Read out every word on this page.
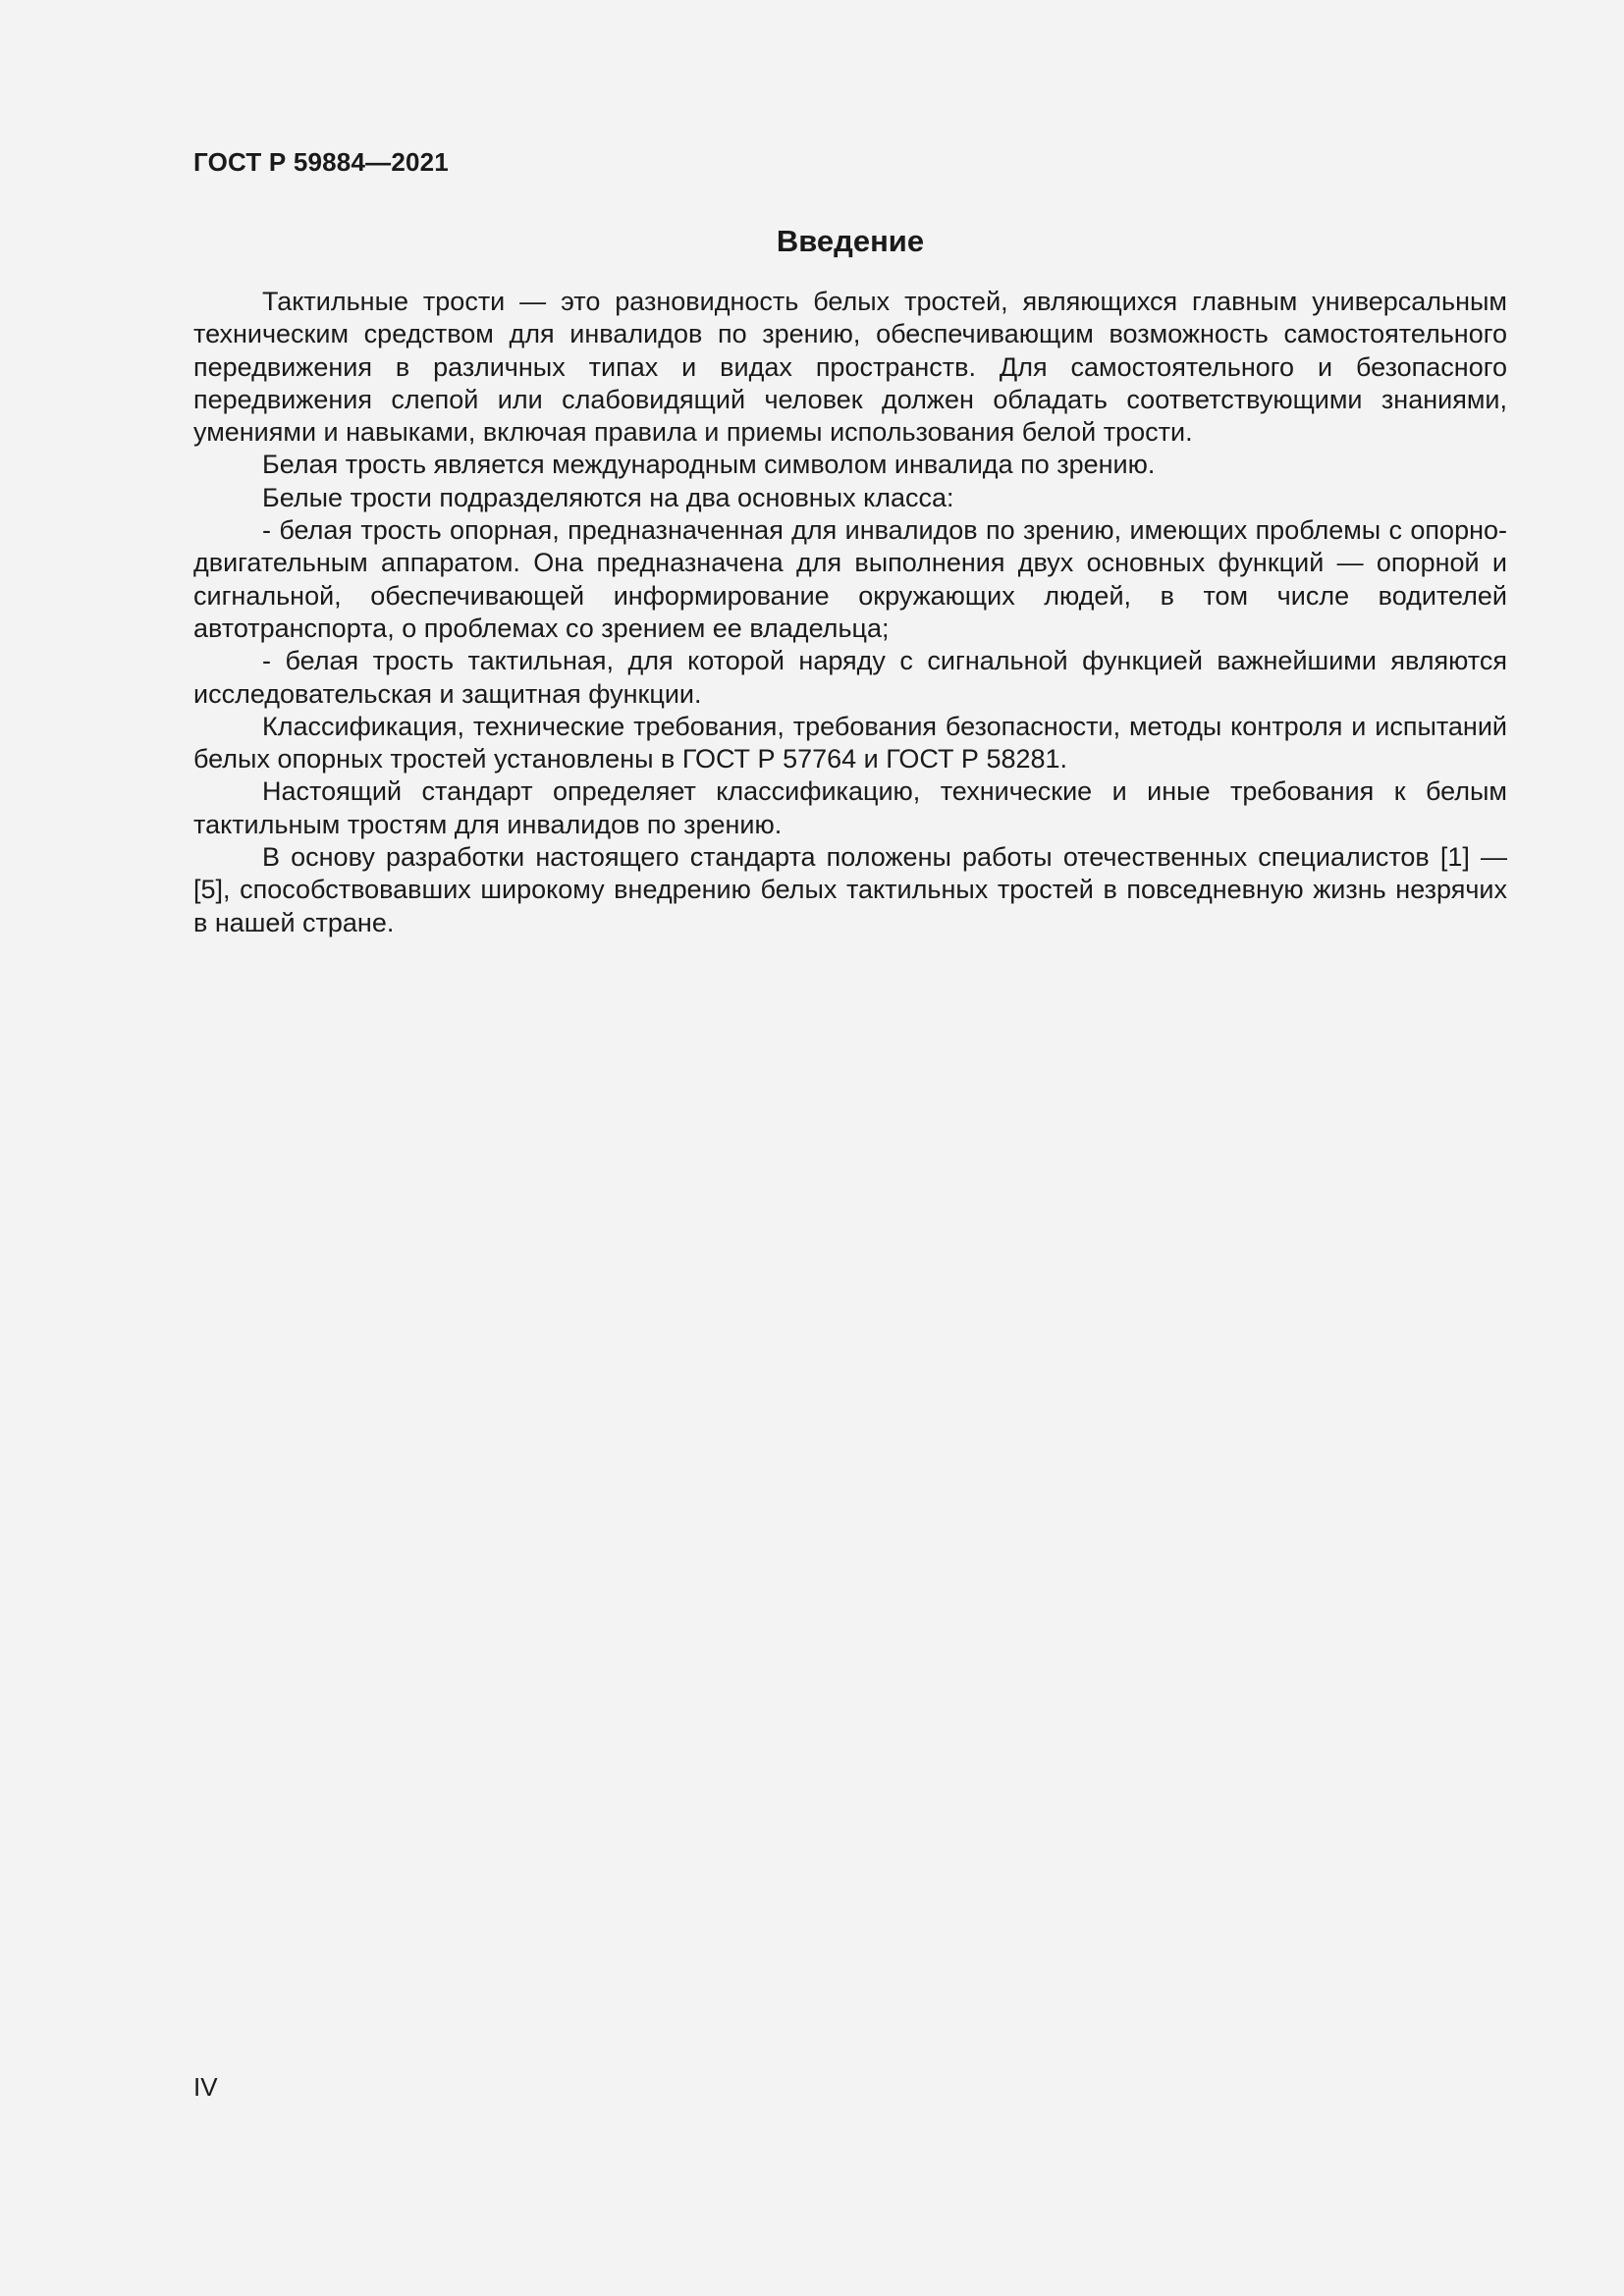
ГОСТ Р 59884—2021
Введение

Тактильные трости — это разновидность белых тростей, являющихся главным универсальным техническим средством для инвалидов по зрению, обеспечивающим возможность самостоятельного передвижения в различных типах и видах пространств. Для самостоятельного и безопасного передвижения слепой или слабовидящий человек должен обладать соответствующими знаниями, умениями и навыками, включая правила и приемы использования белой трости.

Белая трость является международным символом инвалида по зрению.

Белые трости подразделяются на два основных класса:

- белая трость опорная, предназначенная для инвалидов по зрению, имеющих проблемы с опорно-двигательным аппаратом. Она предназначена для выполнения двух основных функций — опорной и сигнальной, обеспечивающей информирование окружающих людей, в том числе водителей автотранспорта, о проблемах со зрением ее владельца;

- белая трость тактильная, для которой наряду с сигнальной функцией важнейшими являются исследовательская и защитная функции.

Классификация, технические требования, требования безопасности, методы контроля и испытаний белых опорных тростей установлены в ГОСТ Р 57764 и ГОСТ Р 58281.

Настоящий стандарт определяет классификацию, технические и иные требования к белым тактильным тростям для инвалидов по зрению.

В основу разработки настоящего стандарта положены работы отечественных специалистов [1] — [5], способствовавших широкому внедрению белых тактильных тростей в повседневную жизнь незрячих в нашей стране.

IV
